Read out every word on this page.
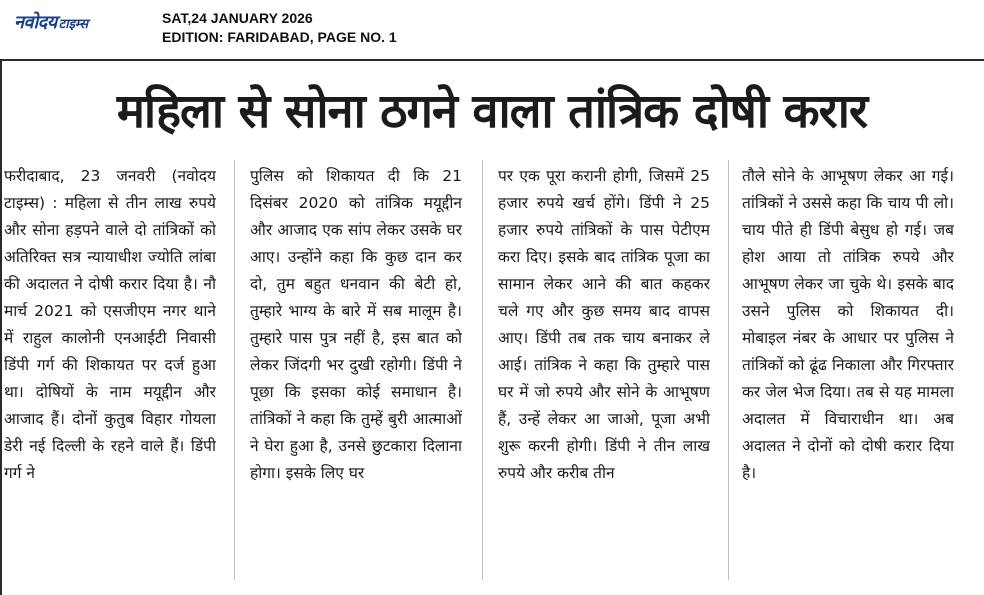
नवोदय टाइम्स	SAT,24 JANUARY 2026
EDITION: FARIDABAD, PAGE NO. 1
महिला से सोना ठगने वाला तांत्रिक दोषी करार
फरीदाबाद, 23 जनवरी (नवोदय टाइम्स) : महिला से तीन लाख रुपये और सोना हड़पने वाले दो तांत्रिकों को अतिरिक्त सत्र न्यायाधीश ज्योति लांबा की अदालत ने दोषी करार दिया है। नौ मार्च 2021 को एसजीएम नगर थाने में राहुल कालोनी एनआईटी निवासी डिंपी गर्ग की शिकायत पर दर्ज हुआ था। दोषियों के नाम मयूद्दीन और आजाद हैं। दोनों कुतुब विहार गोयला डेरी नई दिल्ली के रहने वाले हैं। डिंपी गर्ग ने
पुलिस को शिकायत दी कि 21 दिसंबर 2020 को तांत्रिक मयूद्दीन और आजाद एक सांप लेकर उसके घर आए। उन्होंने कहा कि कुछ दान कर दो, तुम बहुत धनवान की बेटी हो, तुम्हारे भाग्य के बारे में सब मालूम है। तुम्हारे पास पुत्र नहीं है, इस बात को लेकर जिंदगी भर दुखी रहोगी। डिंपी ने पूछा कि इसका कोई समाधान है। तांत्रिकों ने कहा कि तुम्हें बुरी आत्माओं ने घेरा हुआ है, उनसे छुटकारा दिलाना होगा। इसके लिए घर
पर एक पूरा करानी होगी, जिसमें 25 हजार रुपये खर्च होंगे। डिंपी ने 25 हजार रुपये तांत्रिकों के पास पेटीएम करा दिए। इसके बाद तांत्रिक पूजा का सामान लेकर आने की बात कहकर चले गए और कुछ समय बाद वापस आए। डिंपी तब तक चाय बनाकर ले आई। तांत्रिक ने कहा कि तुम्हारे पास घर में जो रुपये और सोने के आभूषण हैं, उन्हें लेकर आ जाओ, पूजा अभी शुरू करनी होगी। डिंपी ने तीन लाख रुपये और करीब तीन
तौले सोने के आभूषण लेकर आ गई। तांत्रिकों ने उससे कहा कि चाय पी लो। चाय पीते ही डिंपी बेसुध हो गई। जब होश आया तो तांत्रिक रुपये और आभूषण लेकर जा चुके थे। इसके बाद उसने पुलिस को शिकायत दी। मोबाइल नंबर के आधार पर पुलिस ने तांत्रिकों को ढूंढ निकाला और गिरफ्तार कर जेल भेज दिया। तब से यह मामला अदालत में विचाराधीन था। अब अदालत ने दोनों को दोषी करार दिया है।
